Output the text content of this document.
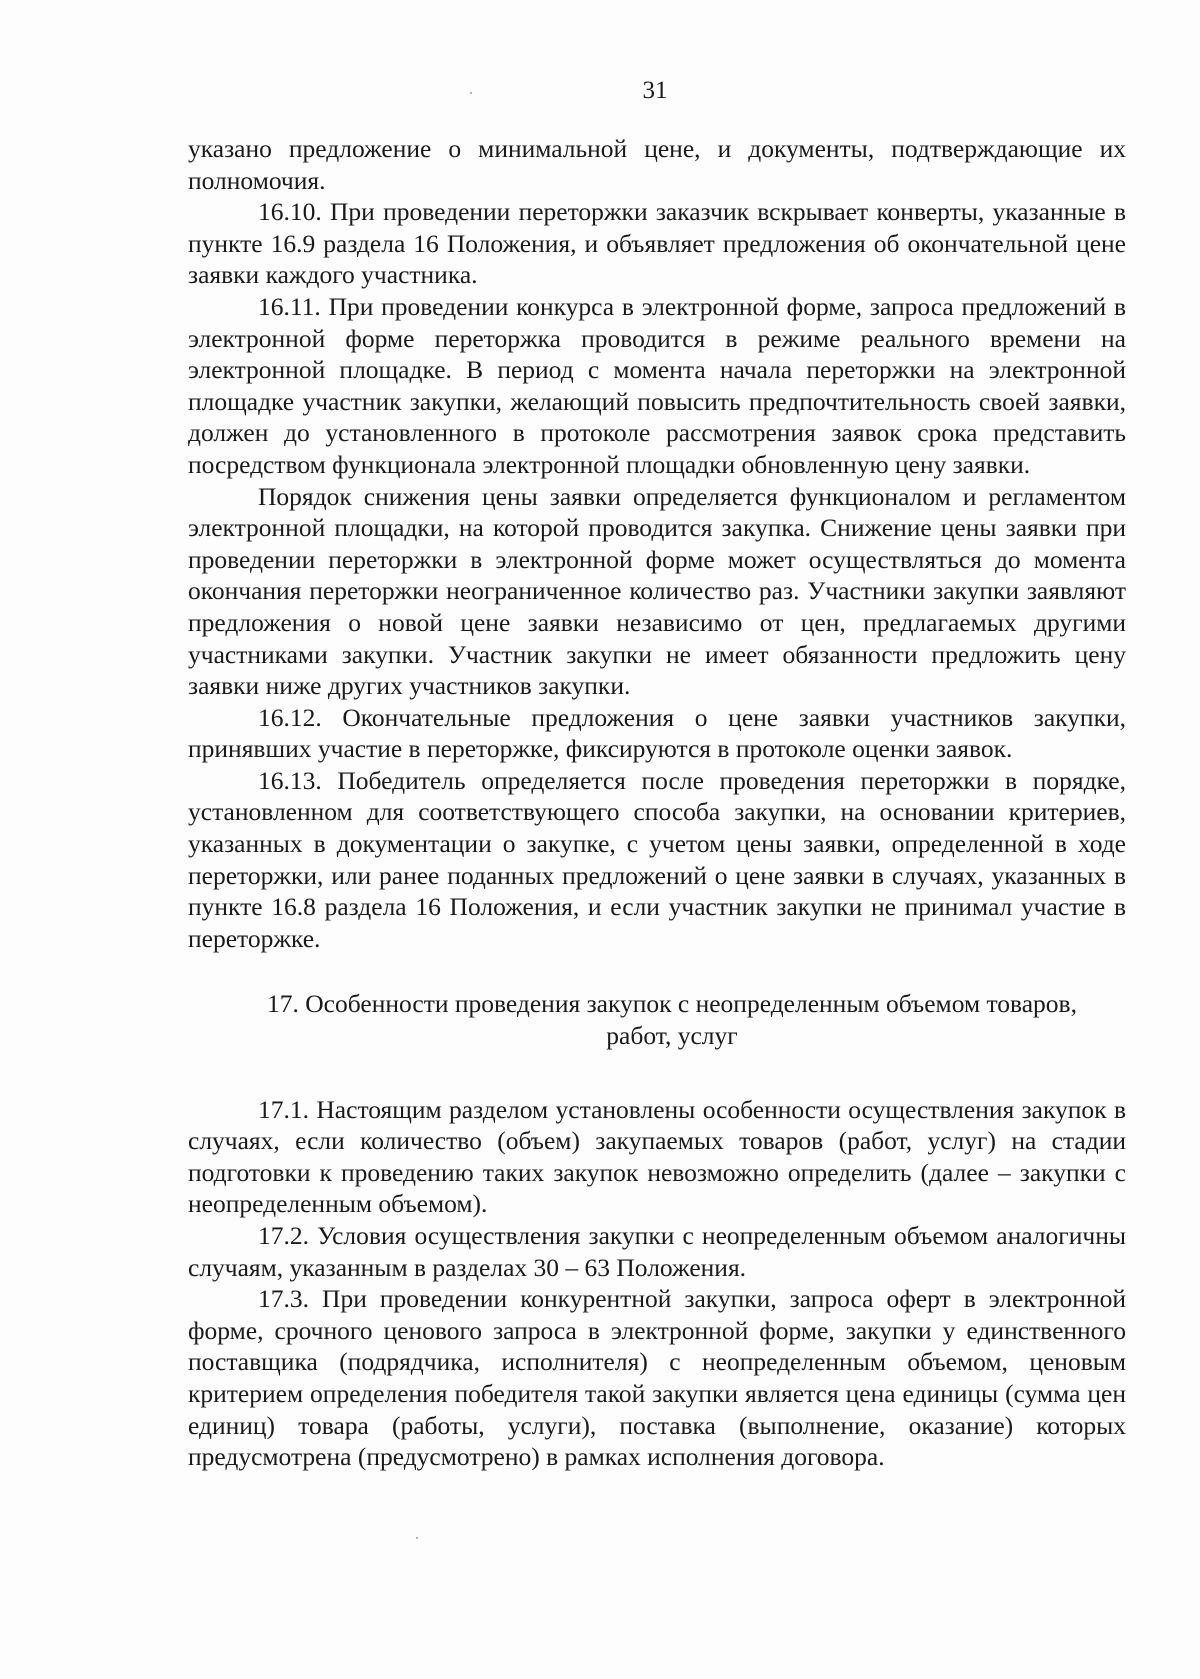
31

указано предложение о минимальной цене, и документы, подтверждающие их полномочия.

16.10. При проведении переторжки заказчик вскрывает конверты, указанные в пункте 16.9 раздела 16 Положения, и объявляет предложения об окончательной цене заявки каждого участника.

16.11. При проведении конкурса в электронной форме, запроса предложений в электронной форме переторжка проводится в режиме реального времени на электронной площадке. В период с момента начала переторжки на электронной площадке участник закупки, желающий повысить предпочтительность своей заявки, должен до установленного в протоколе рассмотрения заявок срока представить посредством функционала электронной площадки обновленную цену заявки.

Порядок снижения цены заявки определяется функционалом и регламентом электронной площадки, на которой проводится закупка. Снижение цены заявки при проведении переторжки в электронной форме может осуществляться до момента окончания переторжки неограниченное количество раз. Участники закупки заявляют предложения о новой цене заявки независимо от цен, предлагаемых другими участниками закупки. Участник закупки не имеет обязанности предложить цену заявки ниже других участников закупки.

16.12. Окончательные предложения о цене заявки участников закупки, принявших участие в переторжке, фиксируются в протоколе оценки заявок.

16.13. Победитель определяется после проведения переторжки в порядке, установленном для соответствующего способа закупки, на основании критериев, указанных в документации о закупке, с учетом цены заявки, определенной в ходе переторжки, или ранее поданных предложений о цене заявки в случаях, указанных в пункте 16.8 раздела 16 Положения, и если участник закупки не принимал участие в переторжке.

17. Особенности проведения закупок с неопределенным объемом товаров, работ, услуг

17.1. Настоящим разделом установлены особенности осуществления закупок в случаях, если количество (объем) закупаемых товаров (работ, услуг) на стадии подготовки к проведению таких закупок невозможно определить (далее – закупки с неопределенным объемом).

17.2. Условия осуществления закупки с неопределенным объемом аналогичны случаям, указанным в разделах 30 – 63 Положения.

17.3. При проведении конкурентной закупки, запроса оферт в электронной форме, срочного ценового запроса в электронной форме, закупки у единственного поставщика (подрядчика, исполнителя) с неопределенным объемом, ценовым критерием определения победителя такой закупки является цена единицы (сумма цен единиц) товара (работы, услуги), поставка (выполнение, оказание) которых предусмотрена (предусмотрено) в рамках исполнения договора.
